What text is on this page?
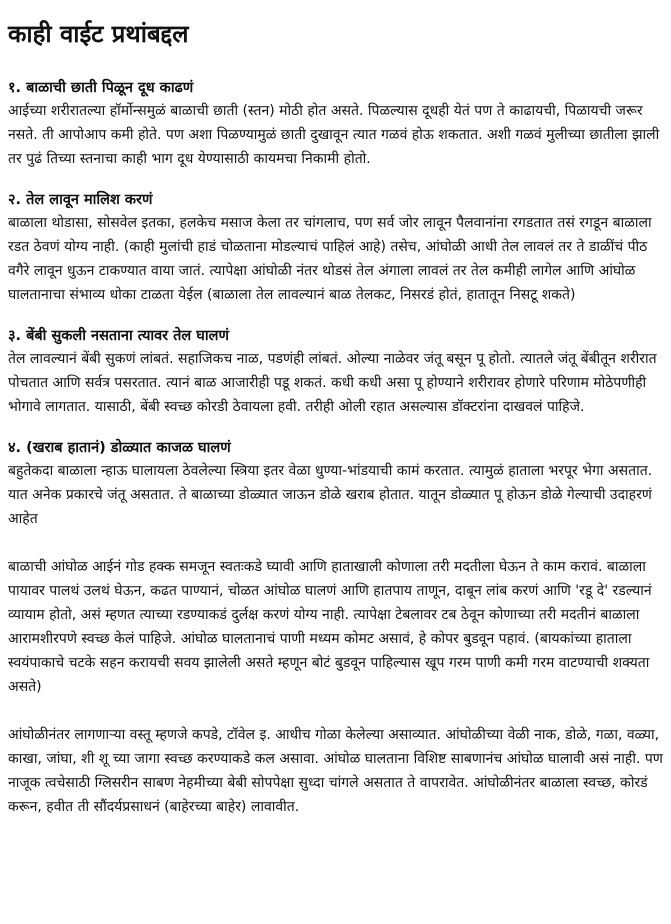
काही वाईट प्रथांबद्दल
१. बाळाची छाती पिळून दूध काढणं

आईच्या शरीरातल्या हॉर्मोन्समुळं बाळाची छाती (स्तन) मोठी होत असते. पिळल्यास दूधही येतं पण ते काढायची, पिळायची जरूर नसते. ती आपोआप कमी होते. पण अशा पिळण्यामुळं छाती दुखावून त्यात गळवं होऊ शकतात. अशी गळवं मुलीच्या छातीला झाली तर पुढं तिच्या स्तनाचा काही भाग दूध येण्यासाठी कायमचा निकामी होतो.

२. तेल लावून मालिश करणं

बाळाला थोडासा, सोसवेल इतका, हलकेच मसाज केला तर चांगलाच, पण सर्व जोर लावून पैलवानांना रगडतात तसं रगडून बाळाला रडत ठेवणं योग्य नाही. (काही मुलांची हाडं चोळताना मोडल्याचं पाहिलं आहे) तसेच, आंघोळी आधी तेल लावलं तर ते डाळींचं पीठ वगैरे लावून धुऊन टाकण्यात वाया जातं. त्यापेक्षा आंघोळी नंतर थोडसं तेल अंगाला लावलं तर तेल कमीही लागेल आणि आंघोळ घालतानाचा संभाव्य धोका टाळता येईल (बाळाला तेल लावल्यानं बाळ तेलकट, निसरडं होतं, हातातून निसटू शकते)

३. बेंबी सुकली नसताना त्यावर तेल घालणं

तेल लावल्यानं बेंबी सुकणं लांबतं. सहाजिकच नाळ, पडणंही लांबतं. ओल्या नाळेवर जंतू बसून पू होतो. त्यातले जंतू बेंबीतून शरीरात पोचतात आणि सर्वत्र पसरतात. त्यानं बाळ आजारीही पडू शकतं. कधी कधी असा पू होण्याने शरीरावर होणारे परिणाम मोठेपणीही भोगावे लागतात. यासाठी, बेंबी स्वच्छ कोरडी ठेवायला हवी. तरीही ओली रहात असल्यास डॉक्टरांना दाखवलं पाहिजे.

४. (खराब हातानं) डोळ्यात काजळ घालणं

बहुतेकदा बाळाला न्हाऊ घालायला ठेवलेल्या स्त्रिया इतर वेळा धुण्या-भांडयाची कामं करतात. त्यामुळं हाताला भरपूर भेगा असतात. यात अनेक प्रकारचे जंतू असतात. ते बाळाच्या डोळ्यात जाऊन डोळे खराब होतात. यातून डोळ्यात पू होऊन डोळे गेल्याची उदाहरणं आहेत

बाळाची आंघोळ आईनं गोड हक्क समजून स्वतःकडे घ्यावी आणि हाताखाली कोणाला तरी मदतीला घेऊन ते काम करावं. बाळाला पायावर पालथं उलथं घेऊन, कढत पाण्यानं, चोळत आंघोळ घालणं आणि हातपाय ताणून, दाबून लांब करणं आणि 'रडू दे' रडल्यानं व्यायाम होतो, असं म्हणत त्याच्या रडण्याकडं दुर्लक्ष करणं योग्य नाही. त्यापेक्षा टेबलावर टब ठेवून कोणाच्या तरी मदतीनं बाळाला आरामशीरपणे स्वच्छ केलं पाहिजे. आंघोळ घालतानाचं पाणी मध्यम कोमट असावं, हे कोपर बुडवून पहावं. (बायकांच्या हाताला स्वयंपाकाचे चटके सहन करायची सवय झालेली असते म्हणून बोटं बुडवून पाहिल्यास खूप गरम पाणी कमी गरम वाटण्याची शक्यता असते)

आंघोळीनंतर लागणाऱ्या वस्तू म्हणजे कपडे, टॉवेल इ. आधीच गोळा केलेल्या असाव्यात. आंघोळीच्या वेळी नाक, डोळे, गळा, वळ्या, काखा, जांघा, शी शू च्या जागा स्वच्छ करण्याकडे कल असावा. आंघोळ घालताना विशिष्ट साबणानंच आंघोळ घालावी असं नाही. पण नाजूक त्वचेसाठी ग्लिसरीन साबण नेहमीच्या बेबी सोपपेक्षा सुध्दा चांगले असतात ते वापरावेत. आंघोळीनंतर बाळाला स्वच्छ, कोरडं करून, हवीत ती सौंदर्यप्रसाधनं (बाहेरच्या बाहेर) लावावीत.
